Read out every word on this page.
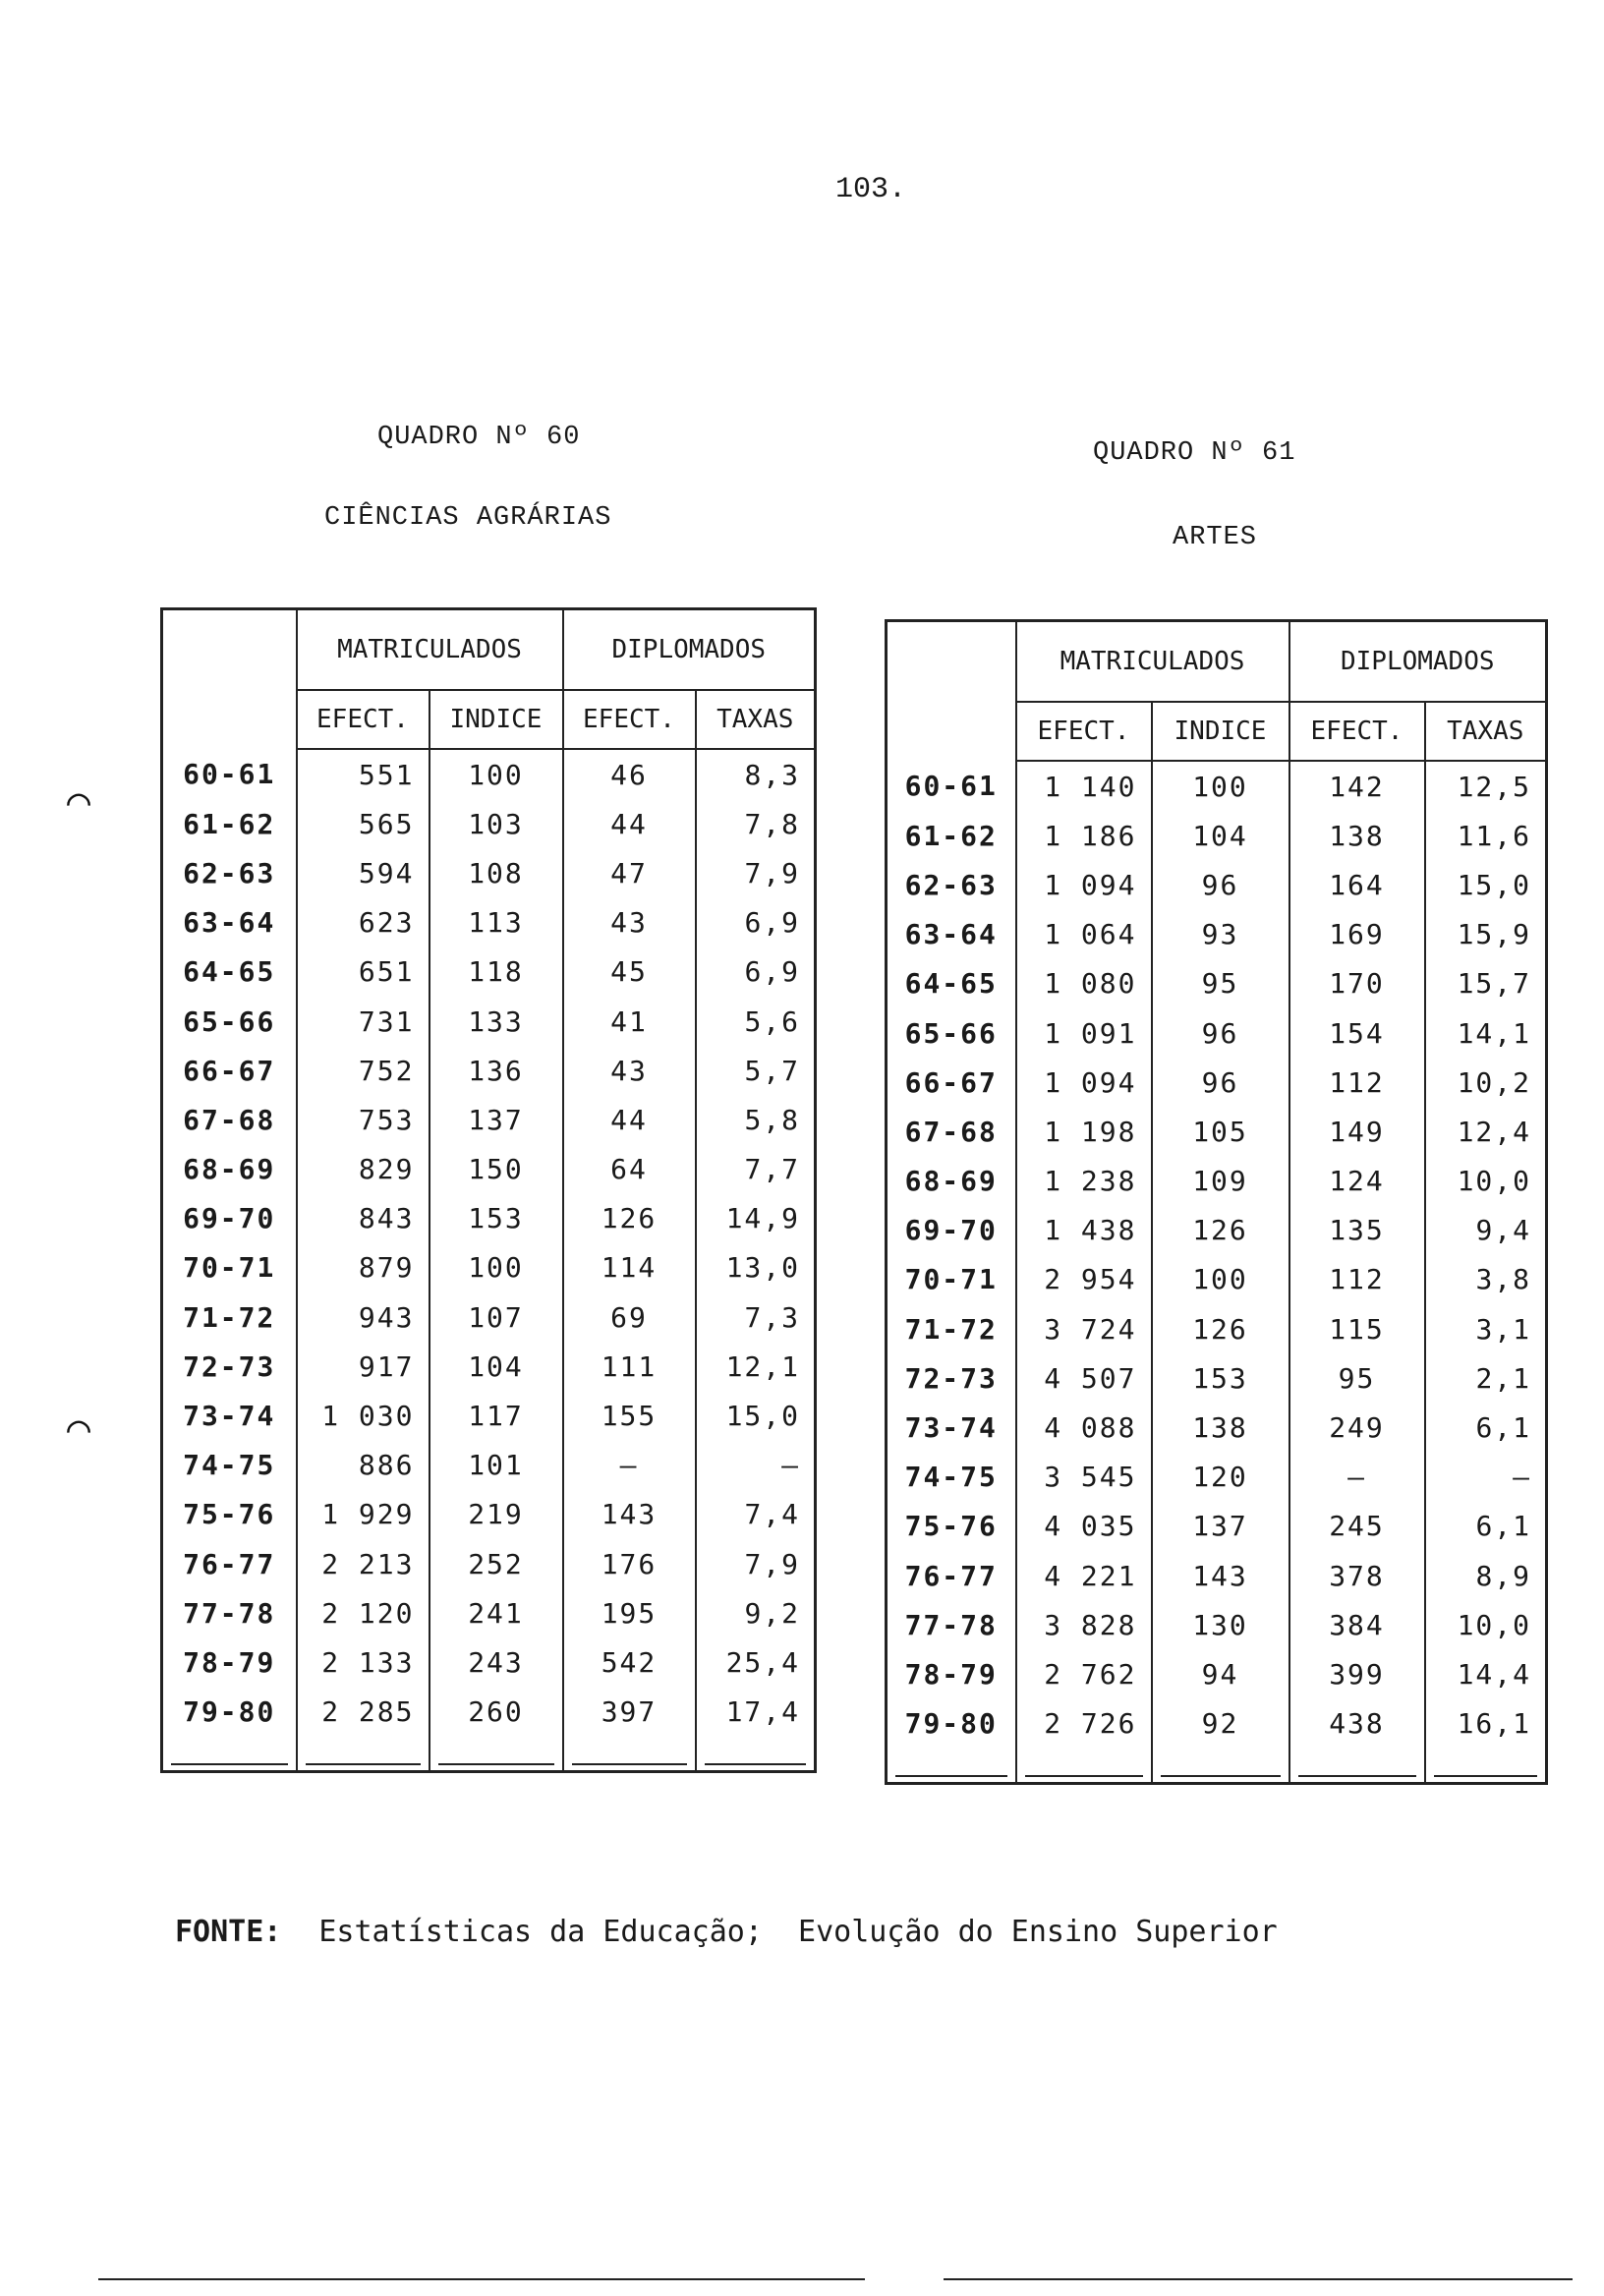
103.
QUADRO Nº 60
CIÊNCIAS AGRÁRIAS
	MATRICULADOS		DIPLOMADOS	
	EFECT.	INDICE	EFECT.	TAXAS
60-61	551	100	46	8,3
61-62	565	103	44	7,8
62-63	594	108	47	7,9
63-64	623	113	43	6,9
64-65	651	118	45	6,9
65-66	731	133	41	5,6
66-67	752	136	43	5,7
67-68	753	137	44	5,8
68-69	829	150	64	7,7
69-70	843	153	126	14,9
70-71	879	100	114	13,0
71-72	943	107	69	7,3
72-73	917	104	111	12,1
73-74	1 030	117	155	15,0
74-75	886	101	—	—
75-76	1 929	219	143	7,4
76-77	2 213	252	176	7,9
77-78	2 120	241	195	9,2
78-79	2 133	243	542	25,4
79-80	2 285	260	397	17,4

QUADRO Nº 61
ARTES
	MATRICULADOS		DIPLOMADOS	
	EFECT.	INDICE	EFECT.	TAXAS
60-61	1 140	100	142	12,5
61-62	1 186	104	138	11,6
62-63	1 094	96	164	15,0
63-64	1 064	93	169	15,9
64-65	1 080	95	170	15,7
65-66	1 091	96	154	14,1
66-67	1 094	96	112	10,2
67-68	1 198	105	149	12,4
68-69	1 238	109	124	10,0
69-70	1 438	126	135	9,4
70-71	2 954	100	112	3,8
71-72	3 724	126	115	3,1
72-73	4 507	153	95	2,1
73-74	4 088	138	249	6,1
74-75	3 545	120	—	—
75-76	4 035	137	245	6,1
76-77	4 221	143	378	8,9
77-78	3 828	130	384	10,0
78-79	2 762	94	399	14,4
79-80	2 726	92	438	16,1

FONTE: Estatísticas da Educação;  Evolução do Ensino Superior
⌒
⌒
